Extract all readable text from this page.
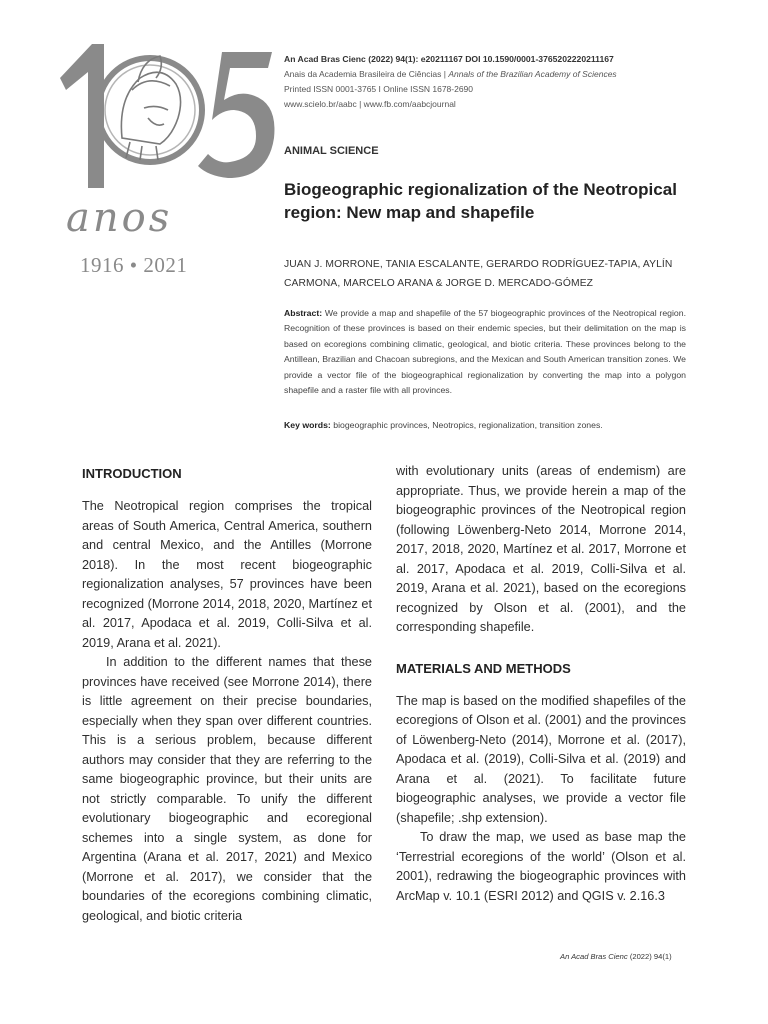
anos
1916 • 2021
An Acad Bras Cienc (2022) 94(1): e20211167 DOI 10.1590/0001-3765202220211167
Anais da Academia Brasileira de Ciências | Annals of the Brazilian Academy of Sciences
Printed ISSN 0001-3765 I Online ISSN 1678-2690
www.scielo.br/aabc | www.fb.com/aabcjournal
ANIMAL SCIENCE
Biogeographic regionalization of the Neotropical region: New map and shapefile
JUAN J. MORRONE, TANIA ESCALANTE, GERARDO RODRÍGUEZ-TAPIA, AYLÍN CARMONA, MARCELO ARANA & JORGE D. MERCADO-GÓMEZ
Abstract: We provide a map and shapefile of the 57 biogeographic provinces of the Neotropical region. Recognition of these provinces is based on their endemic species, but their delimitation on the map is based on ecoregions combining climatic, geological, and biotic criteria. These provinces belong to the Antillean, Brazilian and Chacoan subregions, and the Mexican and South American transition zones. We provide a vector file of the biogeographical regionalization by converting the map into a polygon shapefile and a raster file with all provinces.
Key words: biogeographic provinces, Neotropics, regionalization, transition zones.
INTRODUCTION

The Neotropical region comprises the tropical areas of South America, Central America, southern and central Mexico, and the Antilles (Morrone 2018). In the most recent biogeographic regionalization analyses, 57 provinces have been recognized (Morrone 2014, 2018, 2020, Martínez et al. 2017, Apodaca et al. 2019, Colli-Silva et al. 2019, Arana et al. 2021).

In addition to the different names that these provinces have received (see Morrone 2014), there is little agreement on their precise boundaries, especially when they span over different countries. This is a serious problem, because different authors may consider that they are referring to the same biogeographic province, but their units are not strictly comparable. To unify the different evolutionary biogeographic and ecoregional schemes into a single system, as done for Argentina (Arana et al. 2017, 2021) and Mexico (Morrone et al. 2017), we consider that the boundaries of the ecoregions combining climatic, geological, and biotic criteria

with evolutionary units (areas of endemism) are appropriate. Thus, we provide herein a map of the biogeographic provinces of the Neotropical region (following Löwenberg-Neto 2014, Morrone 2014, 2017, 2018, 2020, Martínez et al. 2017, Morrone et al. 2017, Apodaca et al. 2019, Colli-Silva et al. 2019, Arana et al. 2021), based on the ecoregions recognized by Olson et al. (2001), and the corresponding shapefile.

MATERIALS AND METHODS

The map is based on the modified shapefiles of the ecoregions of Olson et al. (2001) and the provinces of Löwenberg-Neto (2014), Morrone et al. (2017), Apodaca et al. (2019), Colli-Silva et al. (2019) and Arana et al. (2021). To facilitate future biogeographic analyses, we provide a vector file (shapefile; .shp extension).

To draw the map, we used as base map the ‘Terrestrial ecoregions of the world’ (Olson et al. 2001), redrawing the biogeographic provinces with ArcMap v. 10.1 (ESRI 2012) and QGIS v. 2.16.3

An Acad Bras Cienc (2022) 94(1)
